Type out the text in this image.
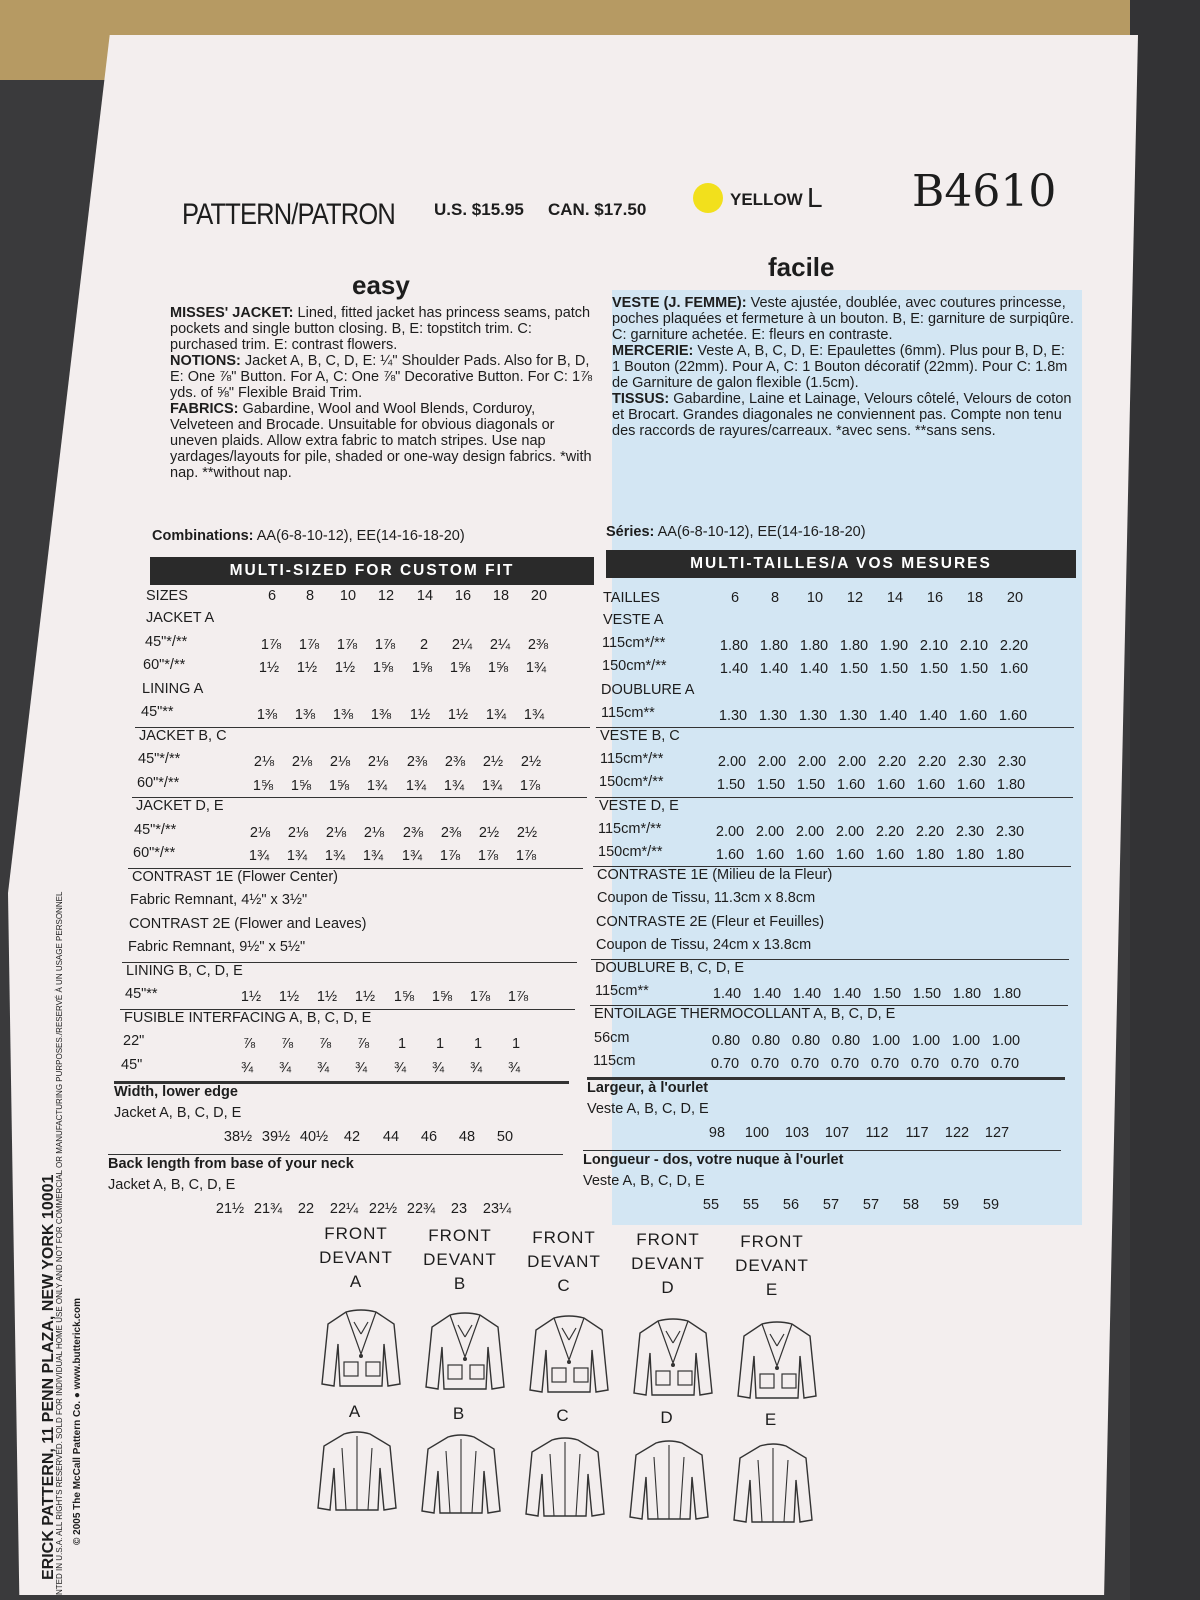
PATTERN/PATRON U.S. $15.95 CAN. $17.50
YELLOW L B4610
easy
facile
MISSES' JACKET: Lined, fitted jacket has princess seams, patch pockets and single button closing. B, E: topstitch trim. C: purchased trim. E: contrast flowers.
NOTIONS: Jacket A, B, C, D, E: ¼" Shoulder Pads. Also for B, D, E: One ⅞" Button. For A, C: One ⅞" Decorative Button. For C: 1⅞ yds. of ⅝" Flexible Braid Trim.
FABRICS: Gabardine, Wool and Wool Blends, Corduroy, Velveteen and Brocade. Unsuitable for obvious diagonals or uneven plaids. Allow extra fabric to match stripes. Use nap yardages/layouts for pile, shaded or one-way design fabrics. *with nap. **without nap.
Combinations: AA(6-8-10-12), EE(14-16-18-20)
VESTE (J. FEMME): Veste ajustée, doublée, avec coutures princesse, poches plaquées et fermeture à un bouton. B, E: garniture de surpiqûre. C: garniture achetée. E: fleurs en contraste.
MERCERIE: Veste A, B, C, D, E: Epaulettes (6mm). Plus pour B, D, E: 1 Bouton (22mm). Pour A, C: 1 Bouton décoratif (22mm). Pour C: 1.8m de Garniture de galon flexible (1.5cm).
TISSUS: Gabardine, Laine et Lainage, Velours côtelé, Velours de coton et Brocart. Grandes diagonales ne conviennent pas. Compte non tenu des raccords de rayures/carreaux. *avec sens. **sans sens.
Séries: AA(6-8-10-12), EE(14-16-18-20)
MULTI-SIZED FOR CUSTOM FIT	MULTI-TAILLES/A VOS MESURES
SIZES	6	8	10	12	14	16	18	20
JACKET A
45"*/**	1⅞	1⅞	1⅞	1⅞	2	2¼	2¼	2⅜
60"*/**	1½	1½	1½	1⅝	1⅝	1⅝	1⅝	1¾
LINING A
45"**	1⅜	1⅜	1⅜	1⅜	1½	1½	1¾	1¾
JACKET B, C
45"*/**	2⅛	2⅛	2⅛	2⅛	2⅜	2⅜	2½	2½
60"*/**	1⅝	1⅝	1⅝	1¾	1¾	1¾	1¾	1⅞
JACKET D, E
45"*/**	2⅛	2⅛	2⅛	2⅛	2⅜	2⅜	2½	2½
60"*/**	1¾	1¾	1¾	1¾	1¾	1⅞	1⅞	1⅞
CONTRAST 1E (Flower Center)
Fabric Remnant, 4½" x 3½"
CONTRAST 2E (Flower and Leaves)
Fabric Remnant, 9½" x 5½"
LINING B, C, D, E
45"**	1½	1½	1½	1½	1⅝	1⅝	1⅞	1⅞
FUSIBLE INTERFACING A, B, C, D, E
22"	⅞	⅞	⅞	⅞	1	1	1	1
45"	¾	¾	¾	¾	¾	¾	¾	¾
Width, lower edge
Jacket A, B, C, D, E
38½ 39½ 40½	42	44	46	48	50
Back length from base of your neck
Jacket A, B, C, D, E
21½ 21¾	22	22¼ 22½ 22¾	23	23¼
TAILLES	6	8	10	12	14	16	18	20
VESTE A
115cm*/**	1.80 1.80 1.80 1.80 1.90 2.10 2.10 2.20
150cm*/**	1.40 1.40 1.40 1.50 1.50 1.50 1.50 1.60
DOUBLURE A
115cm**	1.30 1.30 1.30 1.30 1.40 1.40 1.60 1.60
VESTE B, C
115cm*/**	2.00 2.00 2.00 2.00 2.20 2.20 2.30 2.30
150cm*/**	1.50 1.50 1.50 1.60 1.60 1.60 1.60 1.80
VESTE D, E
115cm*/**	2.00 2.00 2.00 2.00 2.20 2.20 2.30 2.30
150cm*/**	1.60 1.60 1.60 1.60 1.60 1.80 1.80 1.80
CONTRASTE 1E (Milieu de la Fleur)
Coupon de Tissu, 11.3cm x 8.8cm
CONTRASTE 2E (Fleur et Feuilles)
Coupon de Tissu, 24cm x 13.8cm
DOUBLURE B, C, D, E
115cm**	1.40 1.40 1.40 1.40 1.50 1.50 1.80 1.80
ENTOILAGE THERMOCOLLANT A, B, C, D, E
56cm	0.80 0.80 0.80 0.80 1.00 1.00 1.00 1.00
115cm	0.70 0.70 0.70 0.70 0.70 0.70 0.70 0.70
Largeur, à l'ourlet
Veste A, B, C, D, E
98	100	103	107	112	117	122	127
Longueur - dos, votre nuque à l'ourlet
Veste A, B, C, D, E
55	55	56	57	57	58	59	59
FRONT
DEVANT
A
A
FRONT
DEVANT
B
B
FRONT
DEVANT
C
C
FRONT
DEVANT
D
D
FRONT
DEVANT
E
E
ERICK PATTERN, 11 PENN PLAZA, NEW YORK 10001 © 2005 The McCall Pattern Co. ● www.butterick.com
NTED IN U.S.A. ALL RIGHTS RESERVED. SOLD FOR INDIVIDUAL HOME USE ONLY AND NOT FOR COMMERCIAL OR MANUFACTURING PURPOSES./RESERVÉ À UN USAGE PERSONNEL
